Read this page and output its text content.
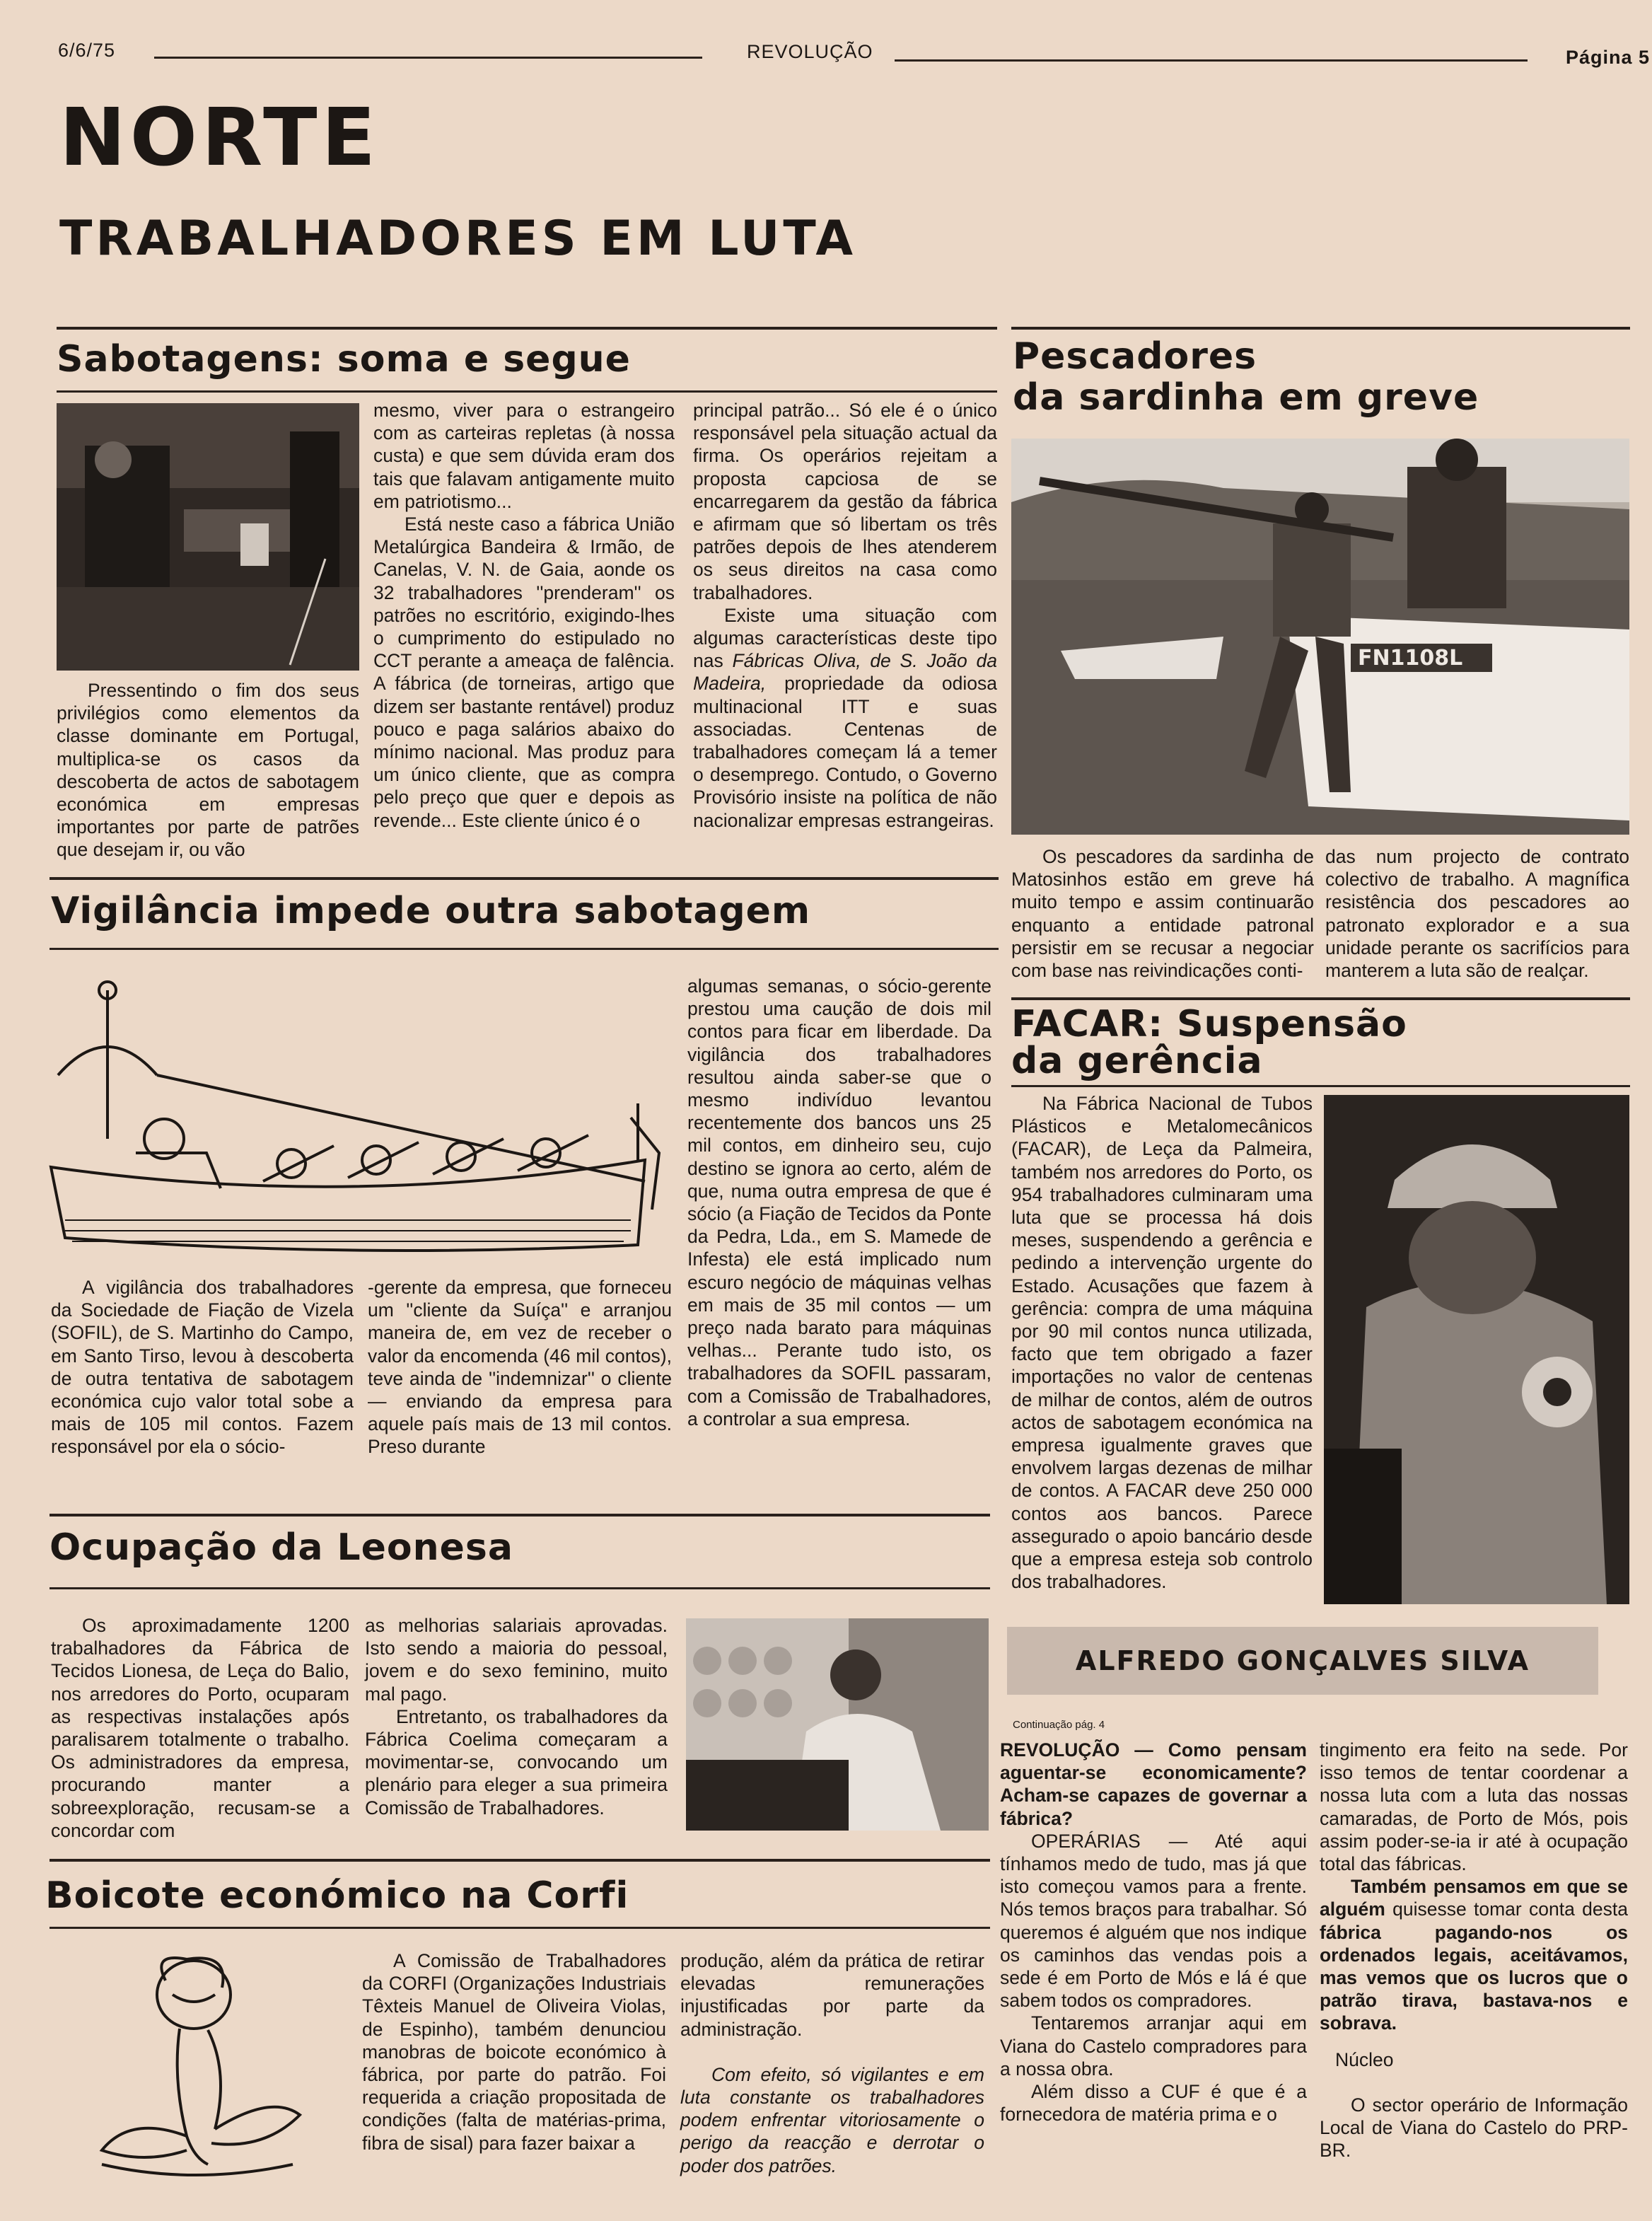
6/6/75	REVOLUÇÃO	Página 5
NORTE
TRABALHADORES EM LUTA
Sabotagens: soma e segue

Pressentindo o fim dos seus privilégios como elementos da classe dominante em Portugal, multiplica-se os casos da descoberta de actos de sabotagem económica em empresas importantes por parte de patrões que desejam ir, ou vão

mesmo, viver para o estrangeiro com as carteiras repletas (à nossa custa) e que sem dúvida eram dos tais que falavam antigamente muito em patriotismo...

Está neste caso a fábrica União Metalúrgica Bandeira & Irmão, de Canelas, V. N. de Gaia, aonde os 32 trabalhadores ''prenderam'' os patrões no escritório, exigindo-lhes o cumprimento do estipulado no CCT perante a ameaça de falência. A fábrica (de torneiras, artigo que dizem ser bastante rentável) produz pouco e paga salários abaixo do mínimo nacional. Mas produz para um único cliente, que as compra pelo preço que quer e depois as revende... Este cliente único é o

principal patrão... Só ele é o único responsável pela situação actual da firma. Os operários rejeitam a proposta capciosa de se encarregarem da gestão da fábrica e afirmam que só libertam os três patrões depois de lhes atenderem os seus direitos na casa como trabalhadores.

Existe uma situação com algumas características deste tipo nas Fábricas Oliva, de S. João da Madeira, propriedade da odiosa multinacional ITT e suas associadas. Centenas de trabalhadores começam lá a temer o desemprego. Contudo, o Governo Provisório insiste na política de não nacionalizar empresas estrangeiras.

Pescadores
da sardinha em greve
FN1108L

Os pescadores da sardinha de Matosinhos estão em greve há muito tempo e assim continuarão enquanto a entidade patronal persistir em se recusar a negociar com base nas reivindicações conti-

das num projecto de contrato colectivo de trabalho. A magnífica resistência dos pescadores ao patronato explorador e a sua unidade perante os sacrifícios para manterem a luta são de realçar.

Vigilância impede outra sabotagem

A vigilância dos trabalhadores da Sociedade de Fiação de Vizela (SOFIL), de S. Martinho do Campo, em Santo Tirso, levou à descoberta de outra tentativa de sabotagem económica cujo valor total sobe a mais de 105 mil contos. Fazem responsável por ela o sócio-

-gerente da empresa, que forneceu um ''cliente da Suíça'' e arranjou maneira de, em vez de receber o valor da encomenda (46 mil contos), teve ainda de ''indemnizar'' o cliente — enviando da empresa para aquele país mais de 13 mil contos. Preso durante

algumas semanas, o sócio-gerente prestou uma caução de dois mil contos para ficar em liberdade. Da vigilância dos trabalhadores resultou ainda saber-se que o mesmo indivíduo levantou recentemente dos bancos uns 25 mil contos, em dinheiro seu, cujo destino se ignora ao certo, além de que, numa outra empresa de que é sócio (a Fiação de Tecidos da Ponte da Pedra, Lda., em S. Mamede de Infesta) ele está implicado num escuro negócio de máquinas velhas em mais de 35 mil contos — um preço nada barato para máquinas velhas... Perante tudo isto, os trabalhadores da SOFIL passaram, com a Comissão de Trabalhadores, a controlar a sua empresa.

FACAR: Suspensão
da gerência

Na Fábrica Nacional de Tubos Plásticos e Metalomecânicos (FACAR), de Leça da Palmeira, também nos arredores do Porto, os 954 trabalhadores culminaram uma luta que se processa há dois meses, suspendendo a gerência e pedindo a intervenção urgente do Estado. Acusações que fazem à gerência: compra de uma máquina por 90 mil contos nunca utilizada, facto que tem obrigado a fazer importações no valor de centenas de milhar de contos, além de outros actos de sabotagem económica na empresa igualmente graves que envolvem largas dezenas de milhar de contos. A FACAR deve 250 000 contos aos bancos. Parece assegurado o apoio bancário desde que a empresa esteja sob controlo dos trabalhadores.

Ocupação da Leonesa

Os aproximadamente 1200 trabalhadores da Fábrica de Tecidos Lionesa, de Leça do Balio, nos arredores do Porto, ocuparam as respectivas instalações após paralisarem totalmente o trabalho. Os administradores da empresa, procurando manter a sobreexploração, recusam-se a concordar com

as melhorias salariais aprovadas. Isto sendo a maioria do pessoal, jovem e do sexo feminino, muito mal pago.

Entretanto, os trabalhadores da Fábrica Coelima começaram a movimentar-se, convocando um plenário para eleger a sua primeira Comissão de Trabalhadores.

ALFREDO GONÇALVES SILVA
Continuação pág. 4

REVOLUÇÃO — Como pensam aguentar-se economicamente? Acham-se capazes de governar a fábrica?

OPERÁRIAS — Até aqui tínhamos medo de tudo, mas já que isto começou vamos para a frente. Nós temos braços para trabalhar. Só queremos é alguém que nos indique os caminhos das vendas pois a sede é em Porto de Mós e lá é que sabem todos os compradores.

Tentaremos arranjar aqui em Viana do Castelo compradores para a nossa obra.

Além disso a CUF é que é a fornecedora de matéria prima e o

tingimento era feito na sede. Por isso temos de tentar coordenar a nossa luta com a luta das nossas camaradas, de Porto de Mós, pois assim poder-se-ia ir até à ocupação total das fábricas.

Também pensamos em que se alguém quisesse tomar conta desta fábrica pagando-nos os ordenados legais, aceitávamos, mas vemos que os lucros que o patrão tirava, bastava-nos e sobrava.

Núcleo

O sector operário de Informação Local de Viana do Castelo do PRP-BR.

Boicote económico na Corfi

A Comissão de Trabalhadores da CORFI (Organizações Industriais Têxteis Manuel de Oliveira Violas, de Espinho), também denunciou manobras de boicote económico à fábrica, por parte do patrão. Foi requerida a criação propositada de condições (falta de matérias-prima, fibra de sisal) para fazer baixar a

produção, além da prática de retirar elevadas remunerações injustificadas por parte da administração.

Com efeito, só vigilantes e em luta constante os trabalhadores podem enfrentar vitoriosamente o perigo da reacção e derrotar o poder dos patrões.
